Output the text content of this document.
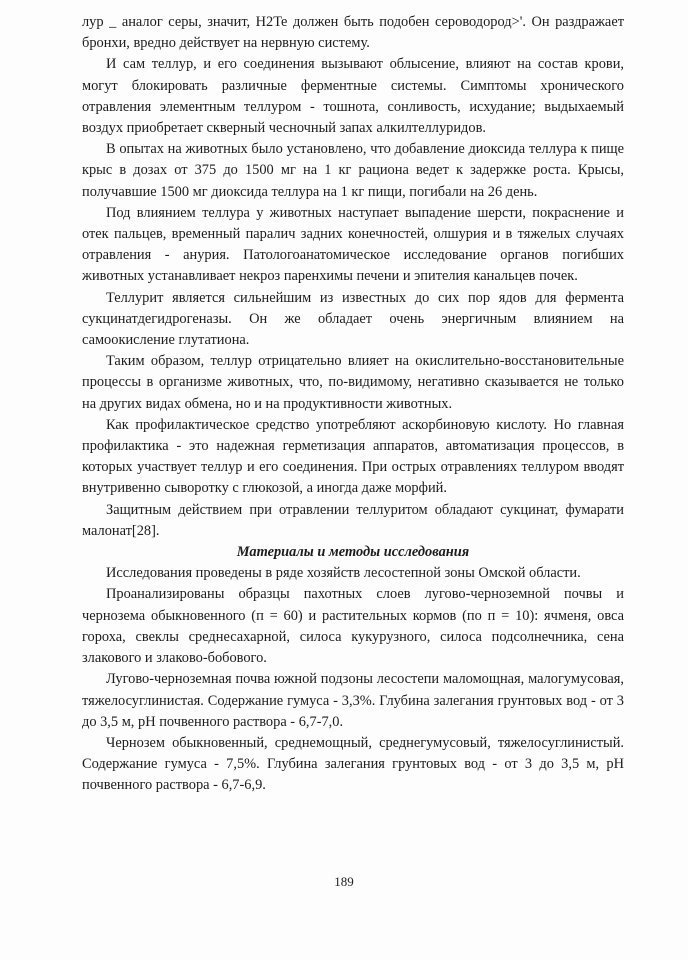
лур _ аналог серы, значит, H2Te должен быть подобен сероводород>'. Он раздражает бронхи, вредно действует на нервную систему.

И сам теллур, и его соединения вызывают облысение, влияют на состав крови, могут блокировать различные ферментные системы. Симптомы хронического отравления элементным теллуром - тошнота, сонливость, исхудание; выдыхаемый воздух приобретает скверный чесночный запах алкилтеллуридов.

В опытах на животных было установлено, что добавление диоксида теллура к пище крыс в дозах от 375 до 1500 мг на 1 кг рациона ведет к задержке роста. Крысы, получавшие 1500 мг диоксида теллура на 1 кг пищи, погибали на 26 день.

Под влиянием теллура у животных наступает выпадение шерсти, покраснение и отек пальцев, временный паралич задних конечностей, олшурия и в тяжелых случаях отравления - анурия. Патологоанатомическое исследование органов погибших животных устанавливает некроз паренхимы печени и эпителия канальцев почек.

Теллурит является сильнейшим из известных до сих пор ядов для фермента сукцинатдегидрогеназы. Он же обладает очень энергичным влиянием на самоокисление глутатиона.

Таким образом, теллур отрицательно влияет на окислительно-восстановительные процессы в организме животных, что, по-видимому, негативно сказывается не только на других видах обмена, но и на продуктивности животных.

Как профилактическое средство употребляют аскорбиновую кислоту. Но главная профилактика - это надежная герметизация аппаратов, автоматизация процессов, в которых участвует теллур и его соединения. При острых отравлениях теллуром вводят внутривенно сыворотку с глюкозой, а иногда даже морфий.

Защитным действием при отравлении теллуритом обладают сукцинат, фумарати малонат[28].

Материалы и методы исследования

Исследования проведены в ряде хозяйств лесостепной зоны Омской области.

Проанализированы образцы пахотных слоев лугово-черноземной почвы и чернозема обыкновенного (п = 60) и растительных кормов (по п = 10): ячменя, овса гороха, свеклы среднесахарной, силоса кукурузного, силоса подсолнечника, сена злакового и злаково-бобового.

Лугово-черноземная почва южной подзоны лесостепи маломощная, малогумусовая, тяжелосуглинистая. Содержание гумуса - 3,3%. Глубина залегания грунтовых вод - от 3 до 3,5 м, pH почвенного раствора - 6,7-7,0.

Чернозем обыкновенный, среднемощный, среднегумусовый, тяжелосуглинистый. Содержание гумуса - 7,5%. Глубина залегания грунтовых вод - от 3 до 3,5 м, pH почвенного раствора - 6,7-6,9.

189
